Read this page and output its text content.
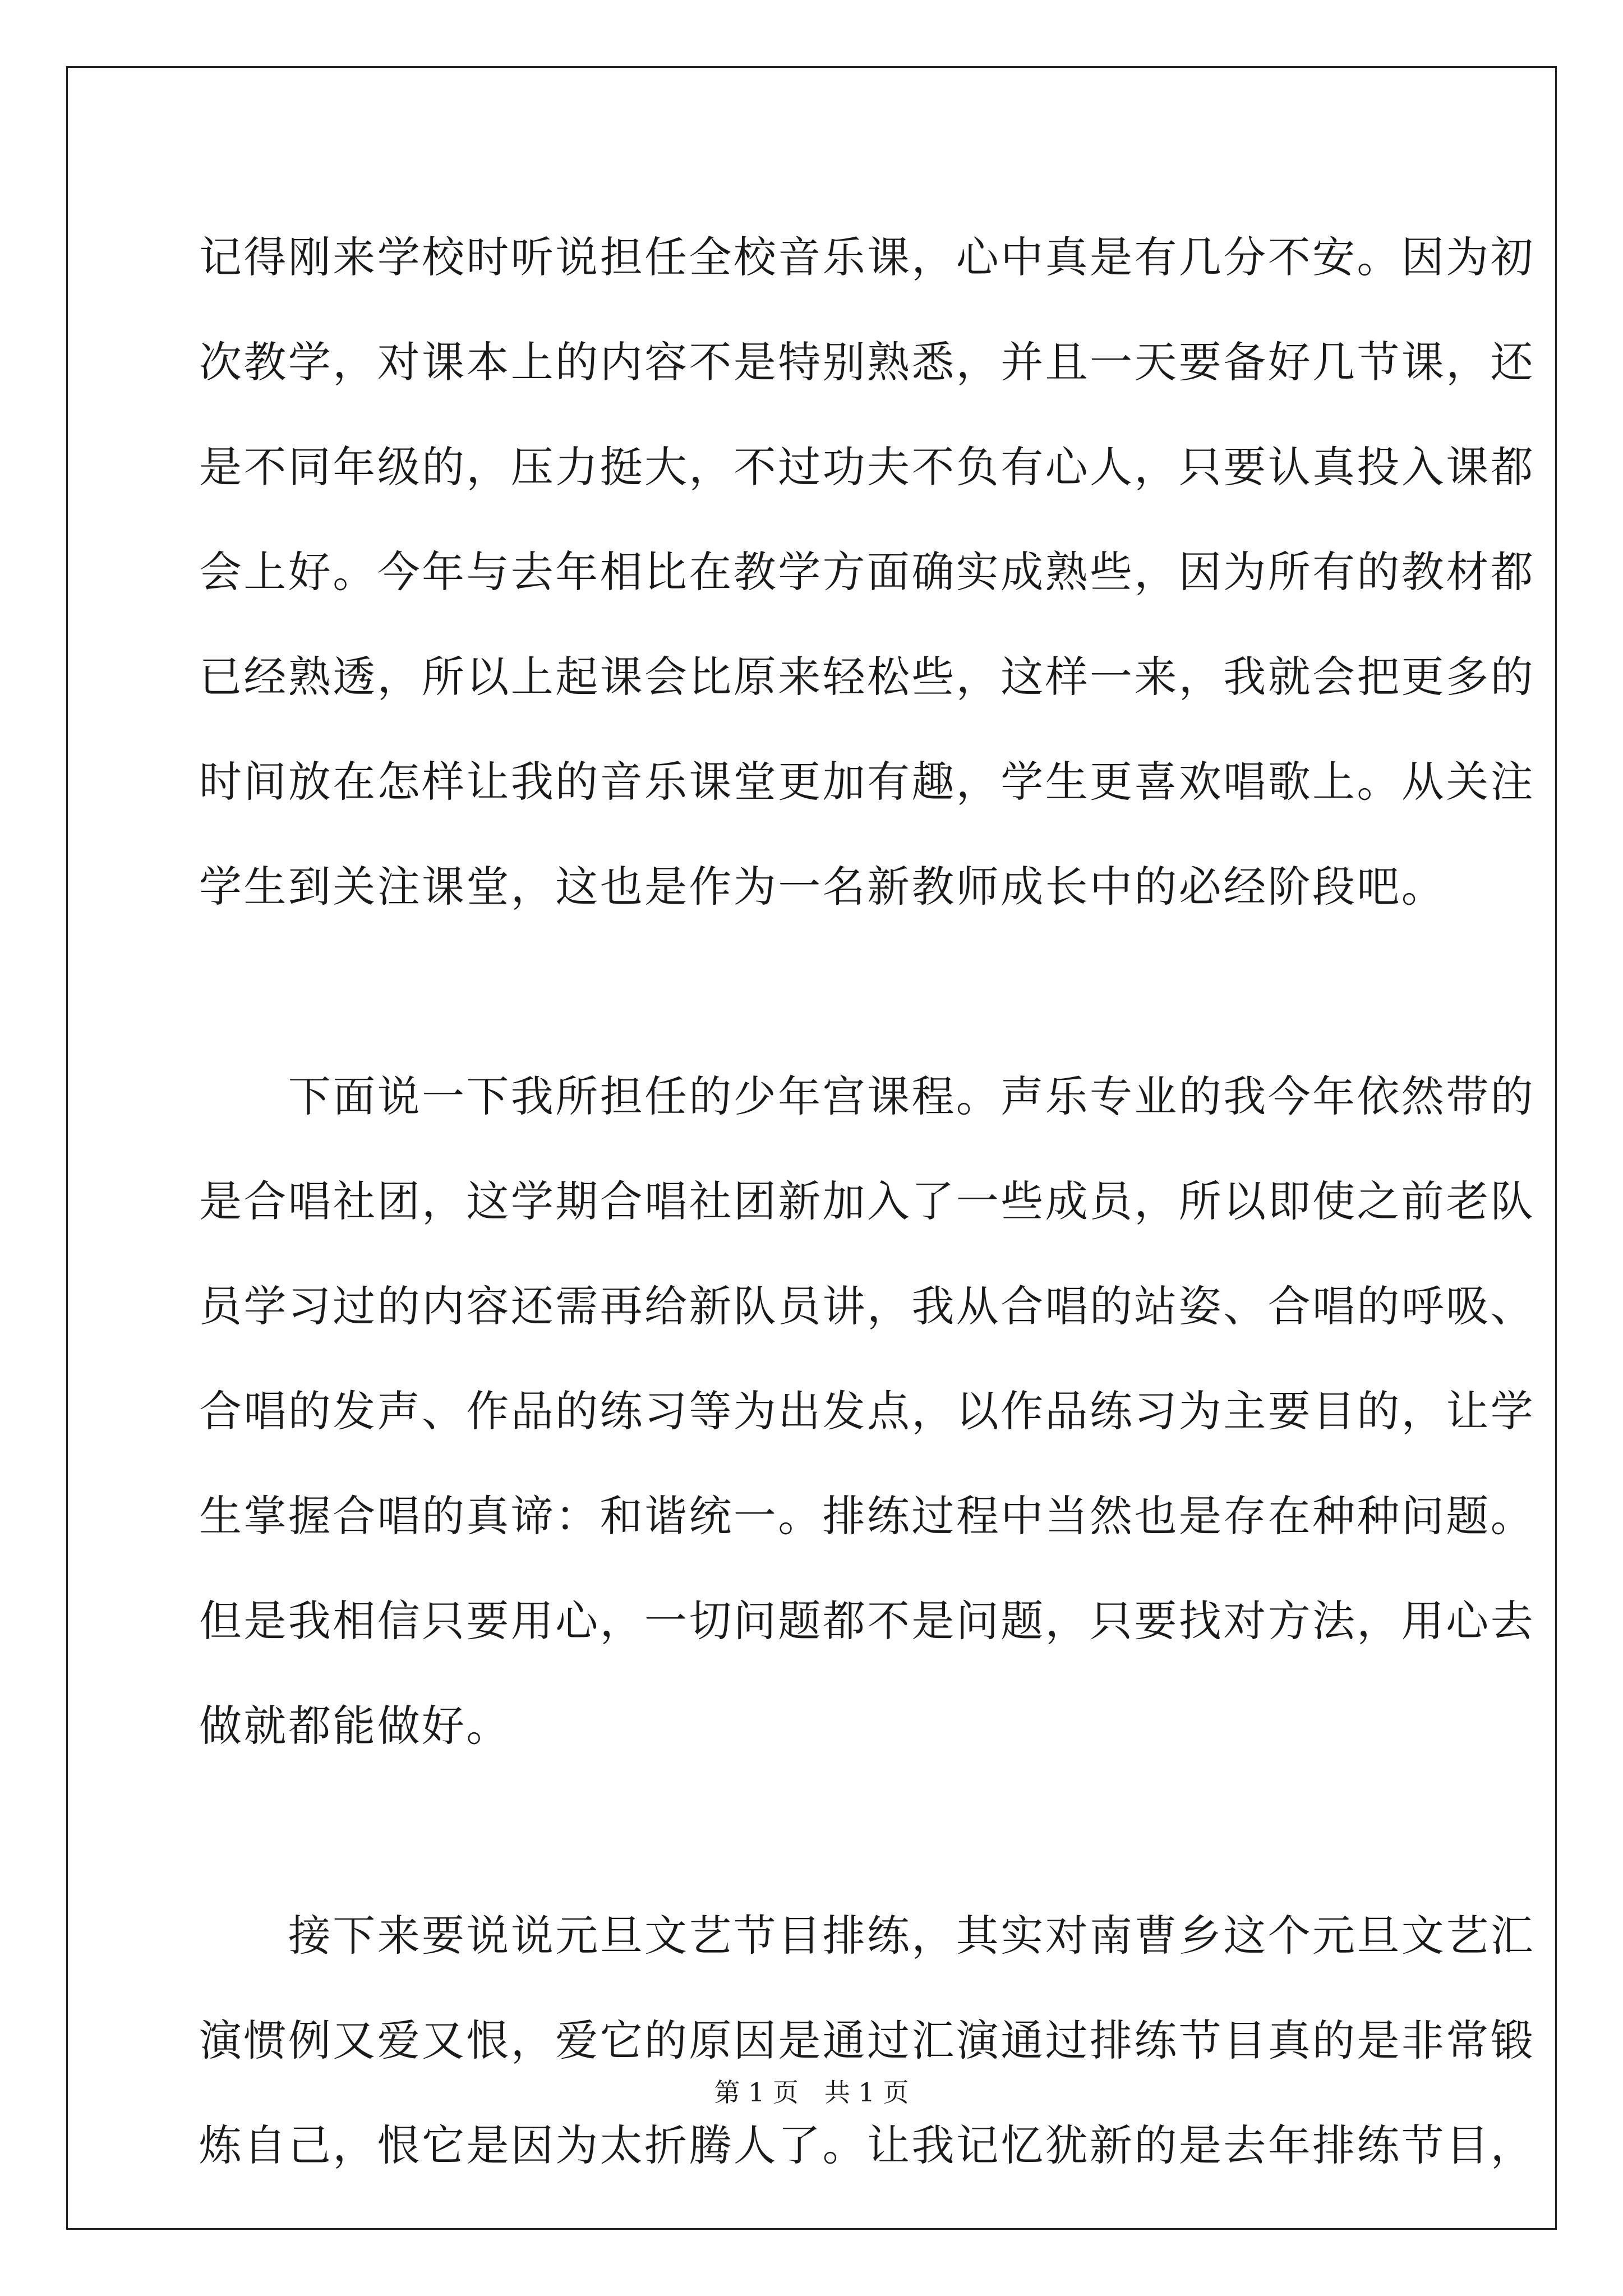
记得刚来学校时听说担任全校音乐课，心中真是有几分不安。因为初
次教学，对课本上的内容不是特别熟悉，并且一天要备好几节课，还
是不同年级的，压力挺大，不过功夫不负有心人，只要认真投入课都
会上好。今年与去年相比在教学方面确实成熟些，因为所有的教材都
已经熟透，所以上起课会比原来轻松些，这样一来，我就会把更多的
时间放在怎样让我的音乐课堂更加有趣，学生更喜欢唱歌上。从关注
学生到关注课堂，这也是作为一名新教师成长中的必经阶段吧。
　　下面说一下我所担任的少年宫课程。声乐专业的我今年依然带的
是合唱社团，这学期合唱社团新加入了一些成员，所以即使之前老队
员学习过的内容还需再给新队员讲，我从合唱的站姿、合唱的呼吸、
合唱的发声、作品的练习等为出发点，以作品练习为主要目的，让学
生掌握合唱的真谛：和谐统一。排练过程中当然也是存在种种问题。
但是我相信只要用心，一切问题都不是问题，只要找对方法，用心去
做就都能做好。
　　接下来要说说元旦文艺节目排练，其实对南曹乡这个元旦文艺汇
演惯例又爱又恨，爱它的原因是通过汇演通过排练节目真的是非常锻
炼自己，恨它是因为太折腾人了。让我记忆犹新的是去年排练节目，
第 1 页　共 1 页
